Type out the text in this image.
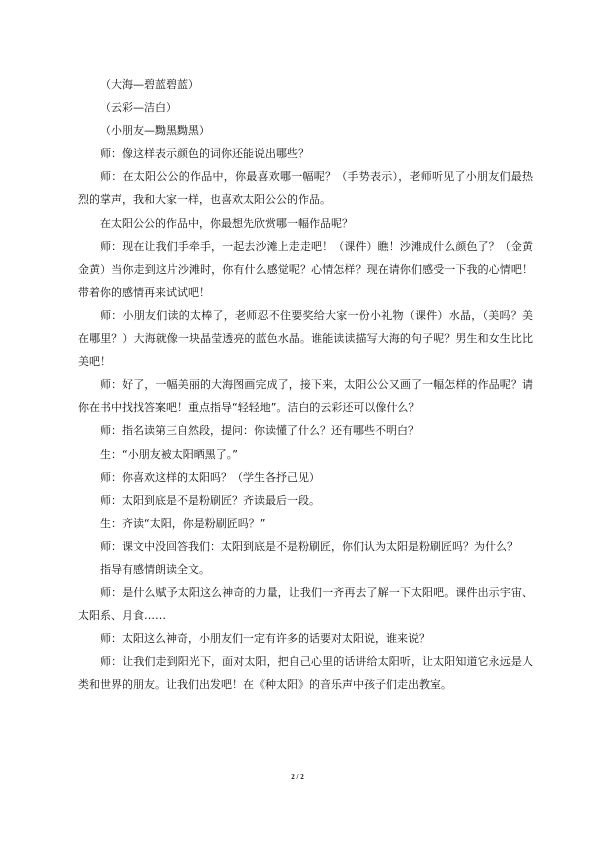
（大海—碧蓝碧蓝）

（云彩—洁白）

（小朋友—黝黑黝黑）

师：像这样表示颜色的词你还能说出哪些？

师：在太阳公公的作品中，你最喜欢哪一幅呢？（手势表示），老师听见了小朋友们最热烈的掌声，我和大家一样，也喜欢太阳公公的作品。

在太阳公公的作品中，你最想先欣赏哪一幅作品呢？

师：现在让我们手牵手，一起去沙滩上走走吧！（课件）瞧！沙滩成什么颜色了？（金黄金黄）当你走到这片沙滩时，你有什么感觉呢？心情怎样？现在请你们感受一下我的心情吧！带着你的感情再来试试吧！

师：小朋友们读的太棒了，老师忍不住要奖给大家一份小礼物（课件）水晶，（美吗？美在哪里？）大海就像一块晶莹透亮的蓝色水晶。谁能读读描写大海的句子呢？男生和女生比比美吧！

师：好了，一幅美丽的大海图画完成了，接下来，太阳公公又画了一幅怎样的作品呢？请你在书中找找答案吧！重点指导“轻轻地”。洁白的云彩还可以像什么？

师：指名读第三自然段，提问：你读懂了什么？还有哪些不明白？

生：“小朋友被太阳晒黑了。”

师：你喜欢这样的太阳吗？（学生各抒己见）

师：太阳到底是不是粉刷匠？齐读最后一段。

生：齐读“太阳，你是粉刷匠吗？”

师：课文中没回答我们：太阳到底是不是粉刷匠，你们认为太阳是粉刷匠吗？为什么？

指导有感情朗读全文。

师：是什么赋予太阳这么神奇的力量，让我们一齐再去了解一下太阳吧。课件出示宇宙、太阳系、月食……

师：太阳这么神奇，小朋友们一定有许多的话要对太阳说，谁来说？

师：让我们走到阳光下，面对太阳，把自己心里的话讲给太阳听，让太阳知道它永远是人类和世界的朋友。让我们出发吧！在《种太阳》的音乐声中孩子们走出教室。

2 / 2
